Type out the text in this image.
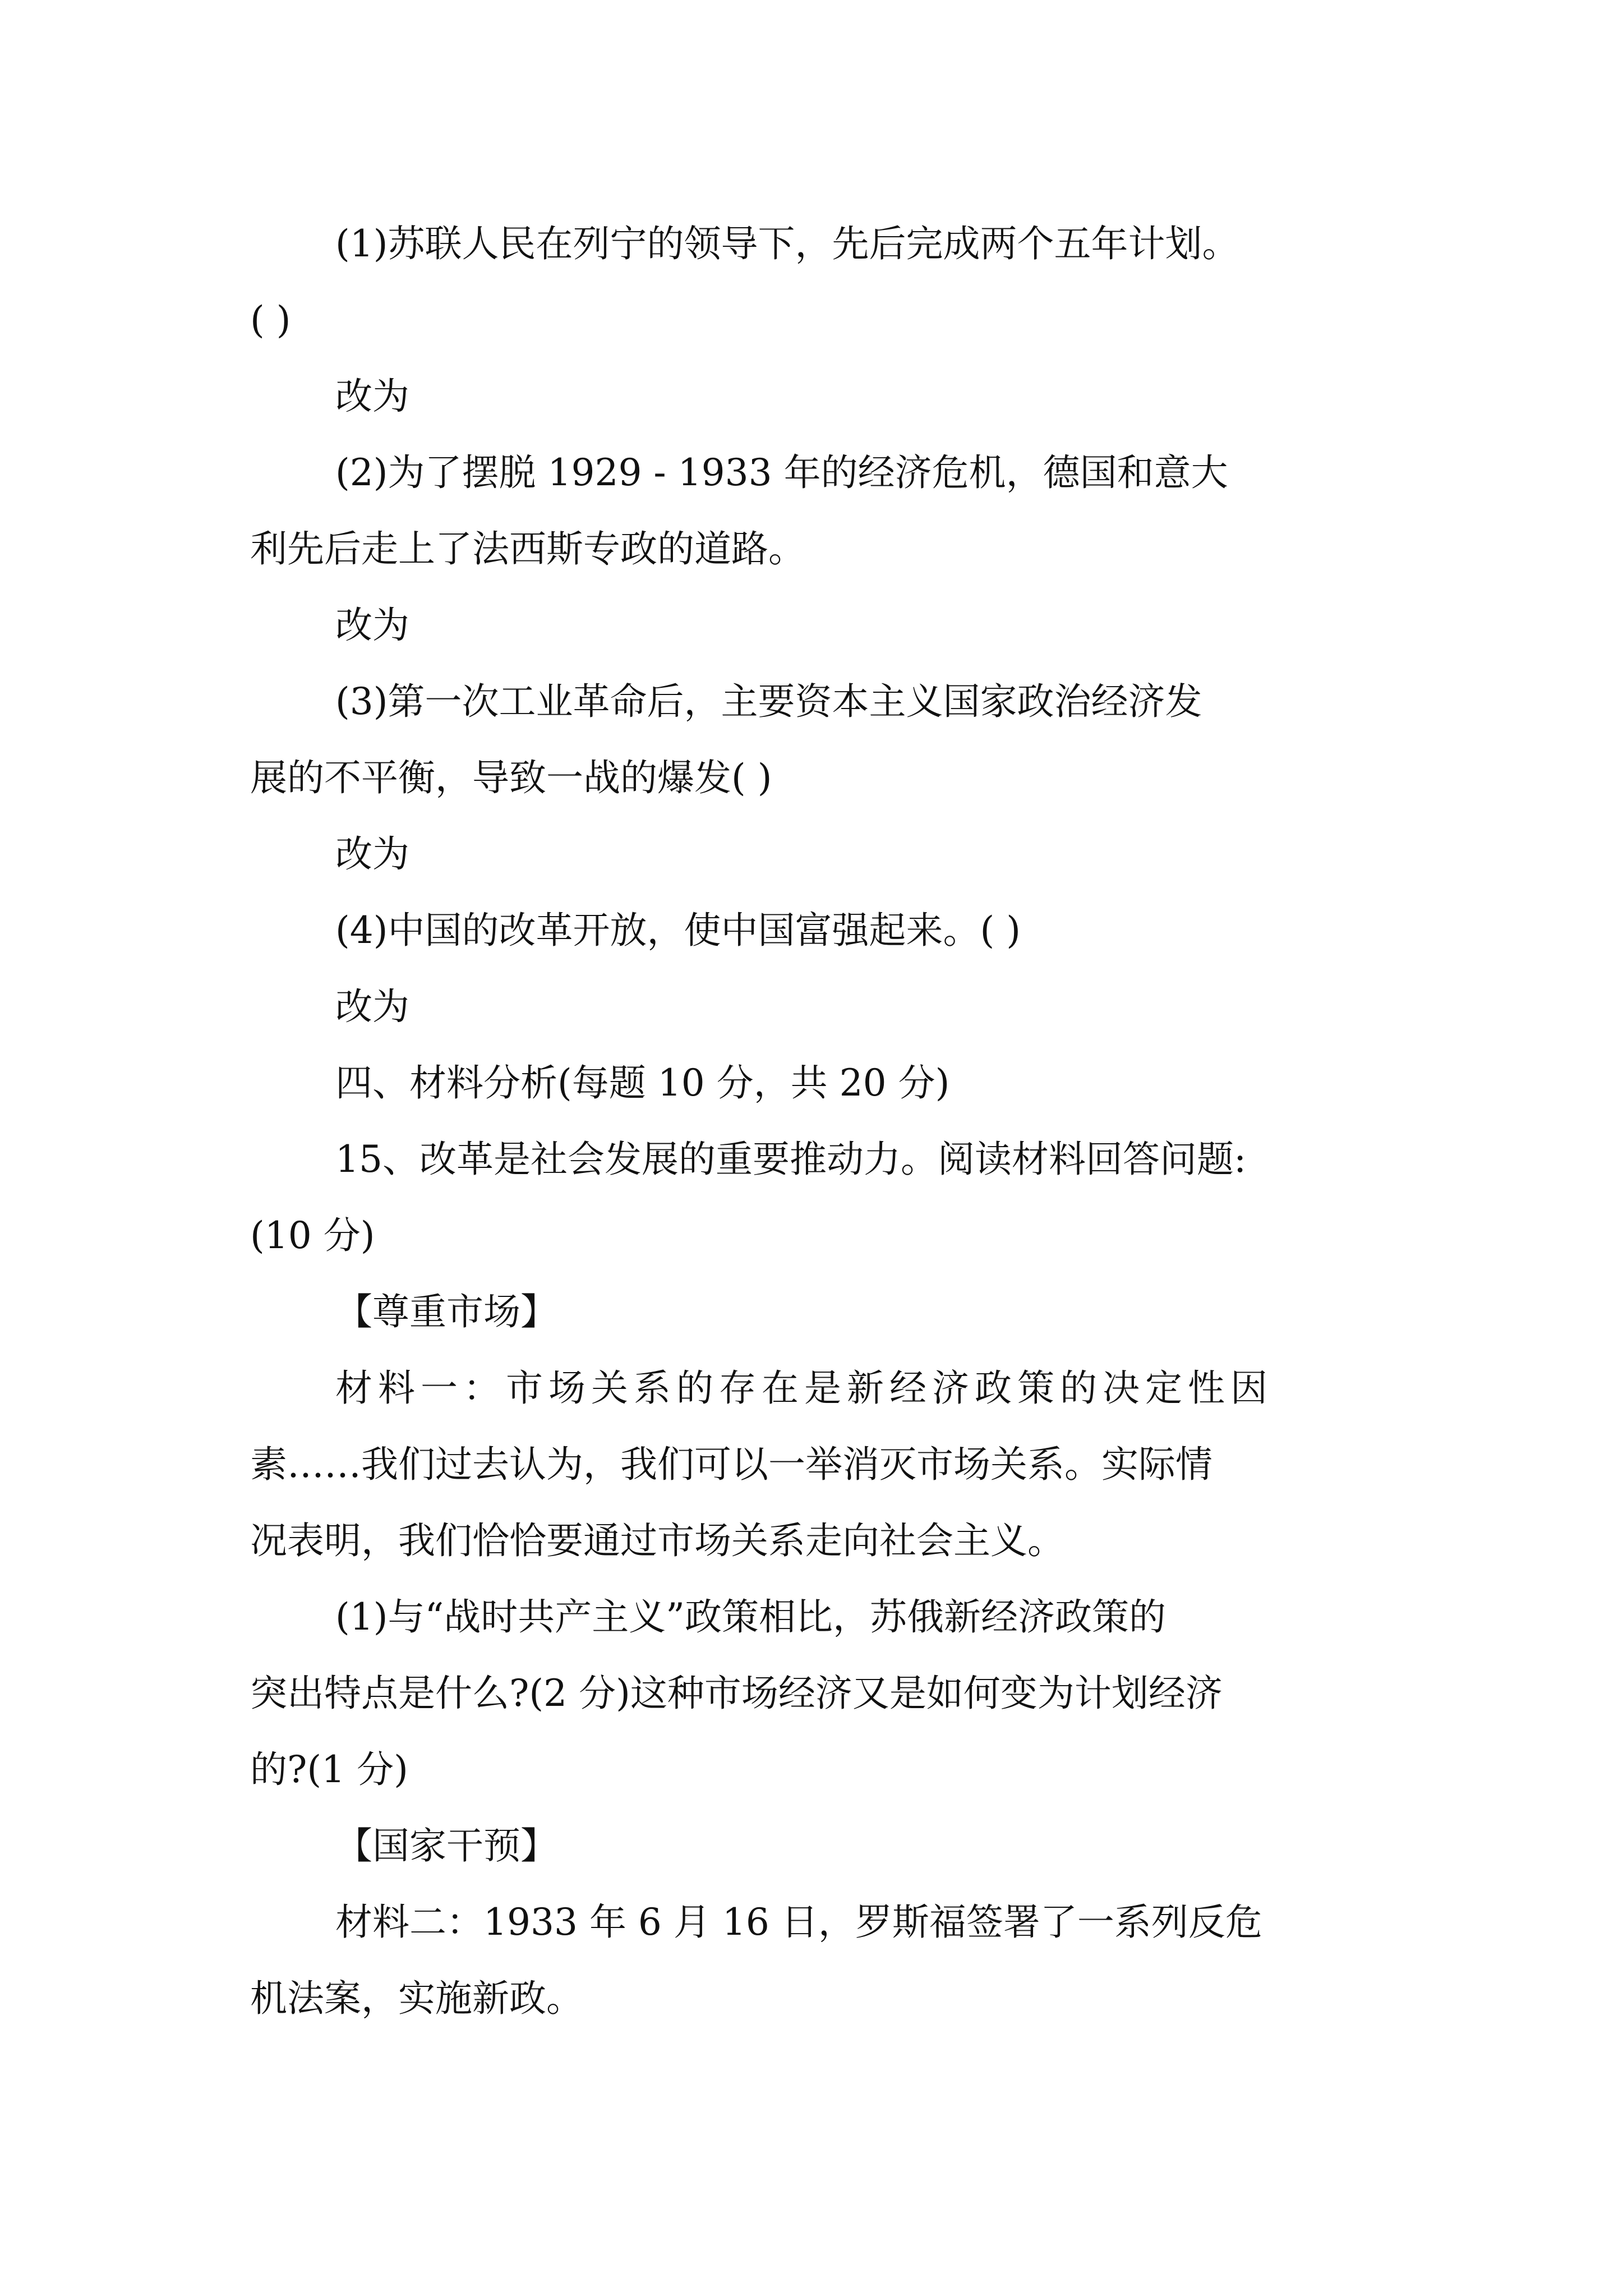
(1)苏联人民在列宁的领导下，先后完成两个五年计划。
( )
改为
(2)为了摆脱 1929 - 1933 年的经济危机，德国和意大
利先后走上了法西斯专政的道路。
改为
(3)第一次工业革命后，主要资本主义国家政治经济发
展的不平衡，导致一战的爆发( )
改为
(4)中国的改革开放，使中国富强起来。( )
改为
四、材料分析(每题 10 分，共 20 分)
15、改革是社会发展的重要推动力。阅读材料回答问题:
(10 分)
【尊重市场】
材料一：市场关系的存在是新经济政策的决定性因
素……我们过去认为，我们可以一举消灭市场关系。实际情
况表明，我们恰恰要通过市场关系走向社会主义。
(1)与“战时共产主义”政策相比，苏俄新经济政策的
突出特点是什么?(2 分)这种市场经济又是如何变为计划经济
的?(1 分)
【国家干预】
材料二：1933 年 6 月 16 日，罗斯福签署了一系列反危
机法案，实施新政。
